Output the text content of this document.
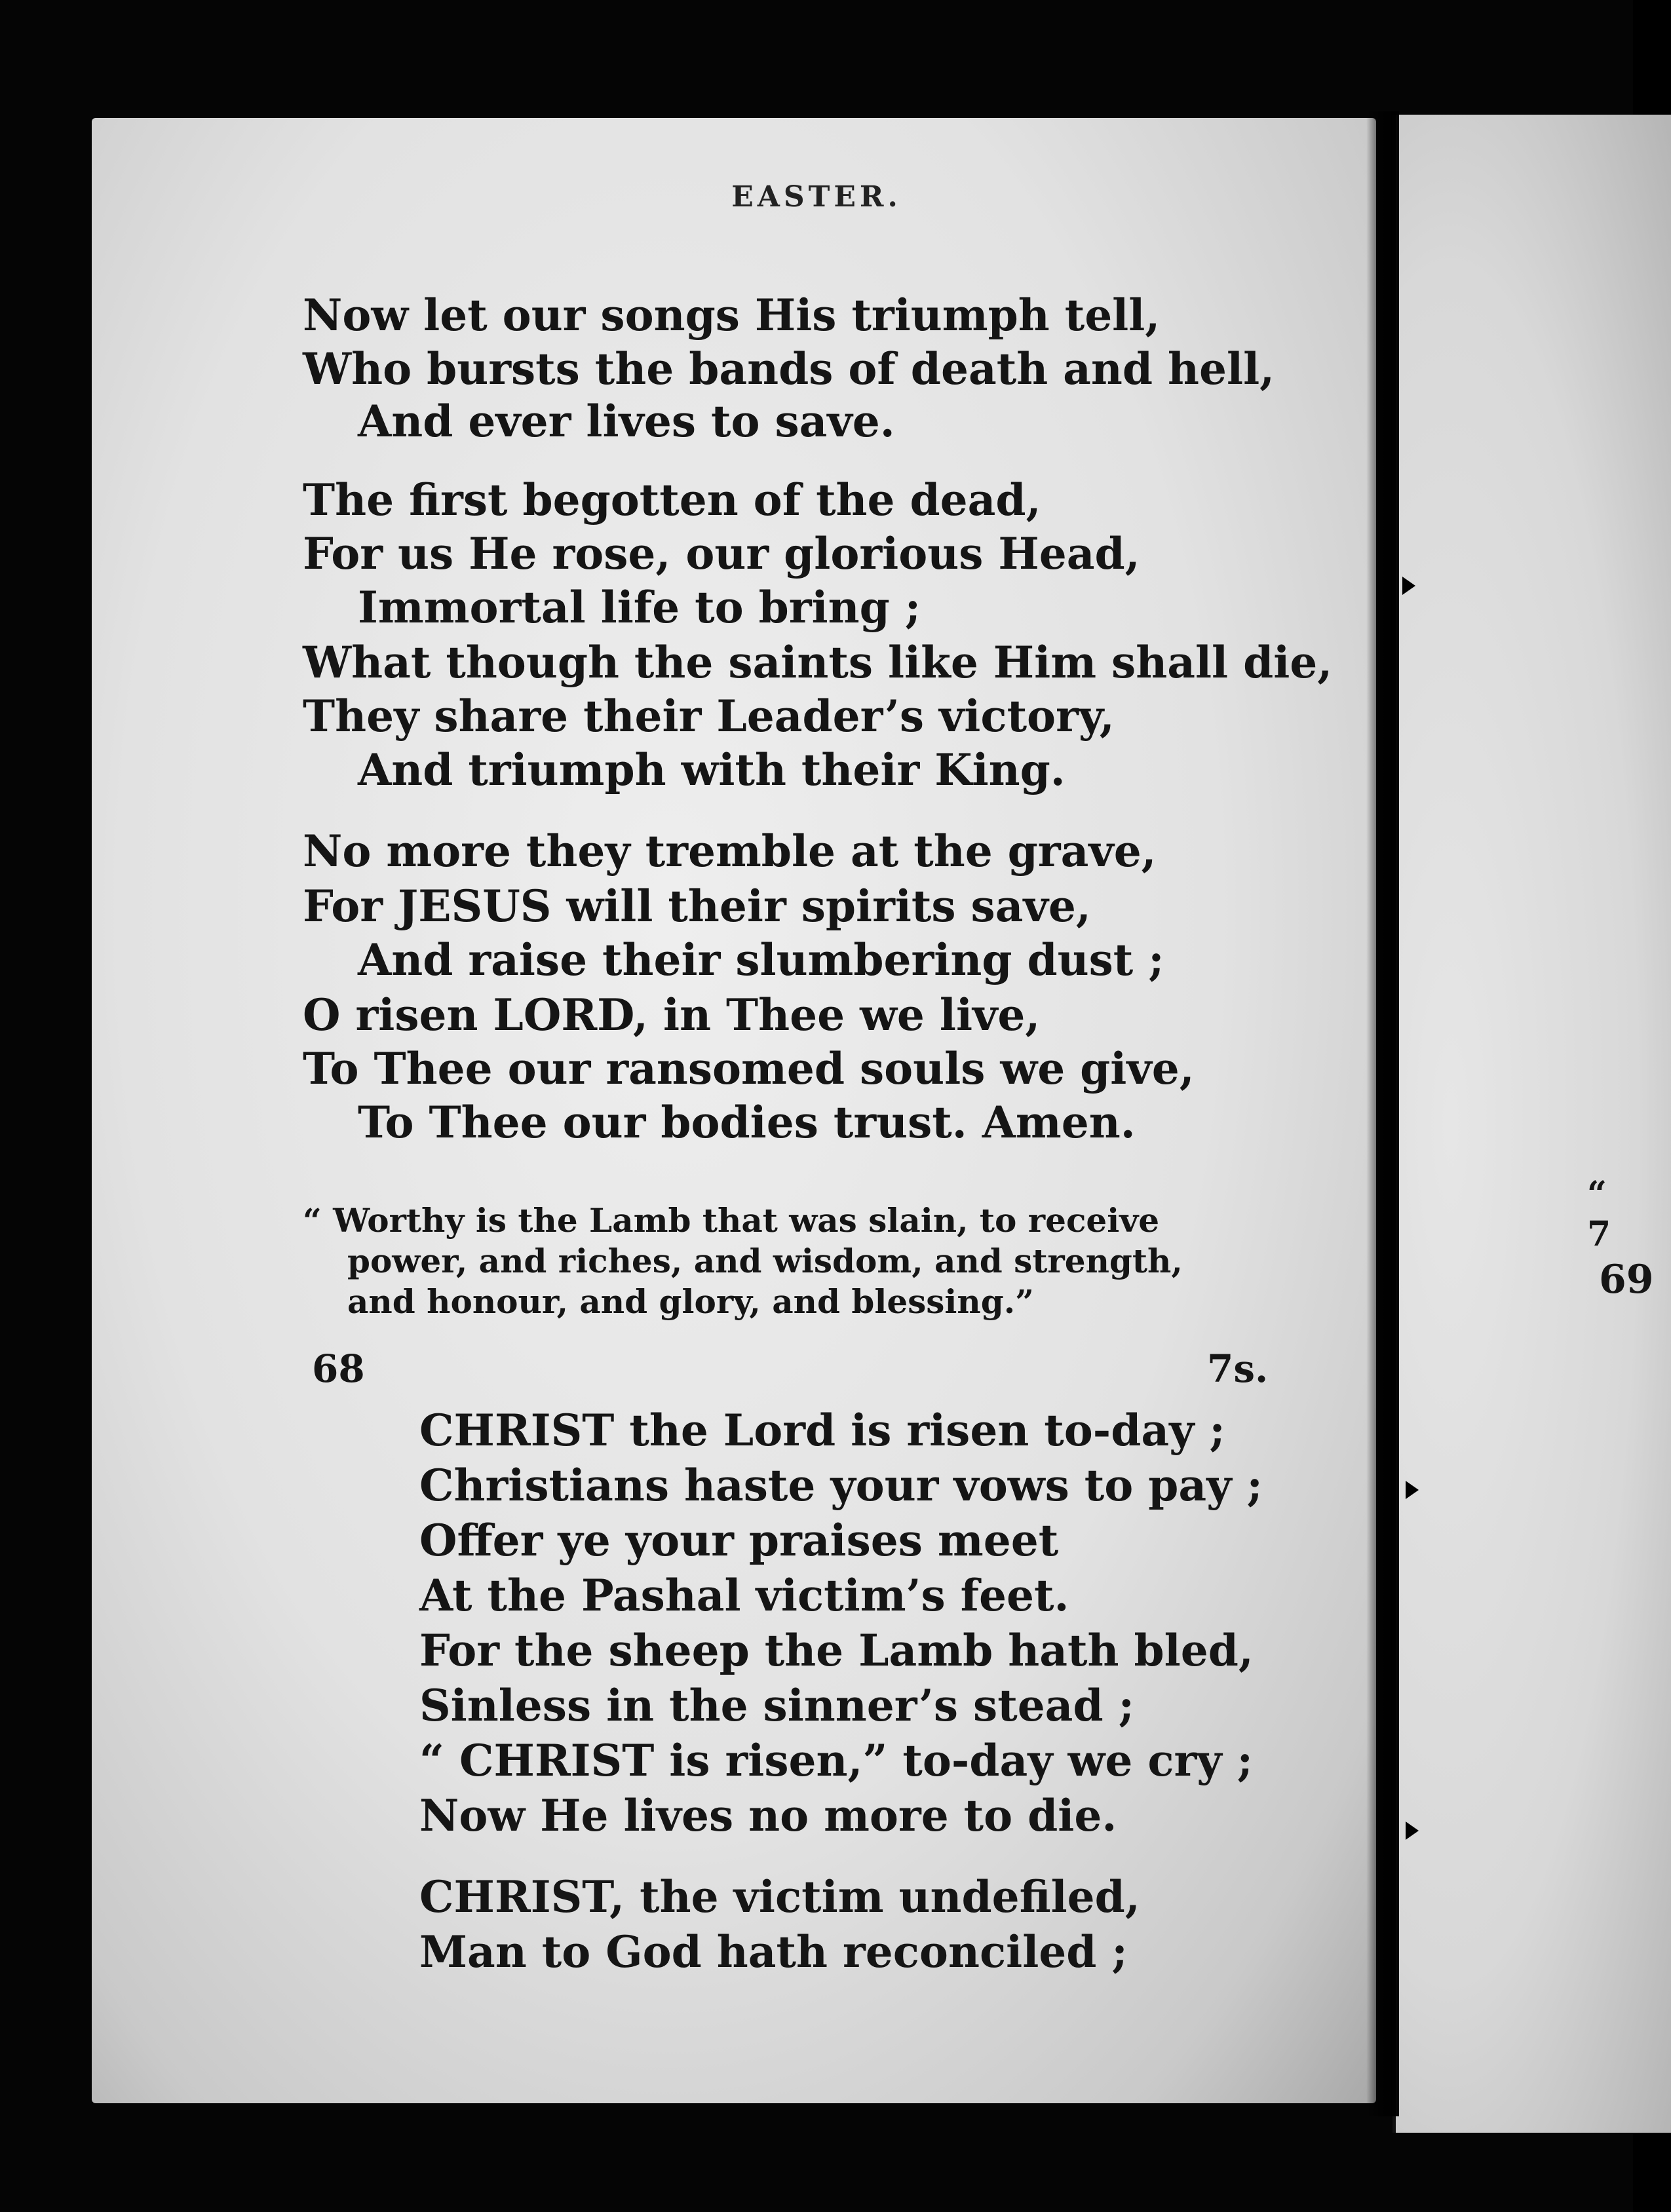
EASTER.
Now let our songs His triumph tell,
Who bursts the bands of death and hell,
And ever lives to save.
The first begotten of the dead,
For us He rose, our glorious Head,
Immortal life to bring ;
What though the saints like Him shall die,
They share their Leader’s victory,
And triumph with their King.
No more they tremble at the grave,
For JESUS will their spirits save,
And raise their slumbering dust ;
O risen LORD, in Thee we live,
To Thee our ransomed souls we give,
To Thee our bodies trust. Amen.
“ Worthy is the Lamb that was slain, to receive
power, and riches, and wisdom, and strength,
and honour, and glory, and blessing.”
68	7s.
CHRIST the Lord is risen to-day ;
Christians haste your vows to pay ;
Offer ye your praises meet
At the Pashal victim’s feet.
For the sheep the Lamb hath bled,
Sinless in the sinner’s stead ;
“ CHRIST is risen,” to-day we cry ;
Now He lives no more to die.
CHRIST, the victim undefiled,
Man to God hath reconciled ;
“ 7
69
